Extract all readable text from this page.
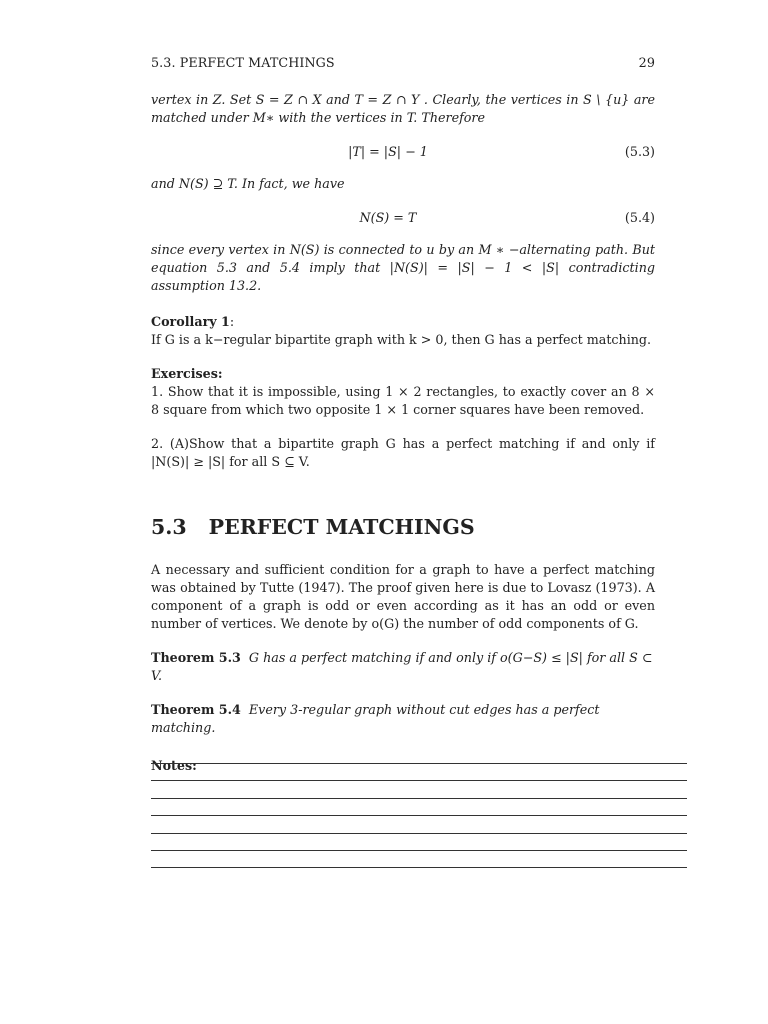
5.3. PERFECT MATCHINGS	29

vertex in Z. Set S = Z ∩ X and T = Z ∩ Y . Clearly, the vertices in S \ {u} are matched under M∗ with the vertices in T. Therefore

|T| = |S| − 1	(5.3)

and N(S) ⊇ T. In fact, we have

N(S) = T	(5.4)

since every vertex in N(S) is connected to u by an M ∗ −alternating path. But equation 5.3 and 5.4 imply that |N(S)| = |S| − 1 < |S| contradicting assumption 13.2.

Corollary 1:

If G is a k−regular bipartite graph with k > 0, then G has a perfect matching.

Exercises:

1. Show that it is impossible, using 1 × 2 rectangles, to exactly cover an 8 × 8 square from which two opposite 1 × 1 corner squares have been removed.

2. (A)Show that a bipartite graph G has a perfect matching if and only if |N(S)| ≥ |S| for all S ⊆ V.

5.3 PERFECT MATCHINGS

A necessary and sufficient condition for a graph to have a perfect matching was obtained by Tutte (1947). The proof given here is due to Lovasz (1973). A component of a graph is odd or even according as it has an odd or even number of vertices. We denote by o(G) the number of odd components of G.

Theorem 5.3 G has a perfect matching if and only if o(G−S) ≤ |S| for all S ⊂ V.
Theorem 5.4 Every 3-regular graph without cut edges has a perfect matching.
Notes:
